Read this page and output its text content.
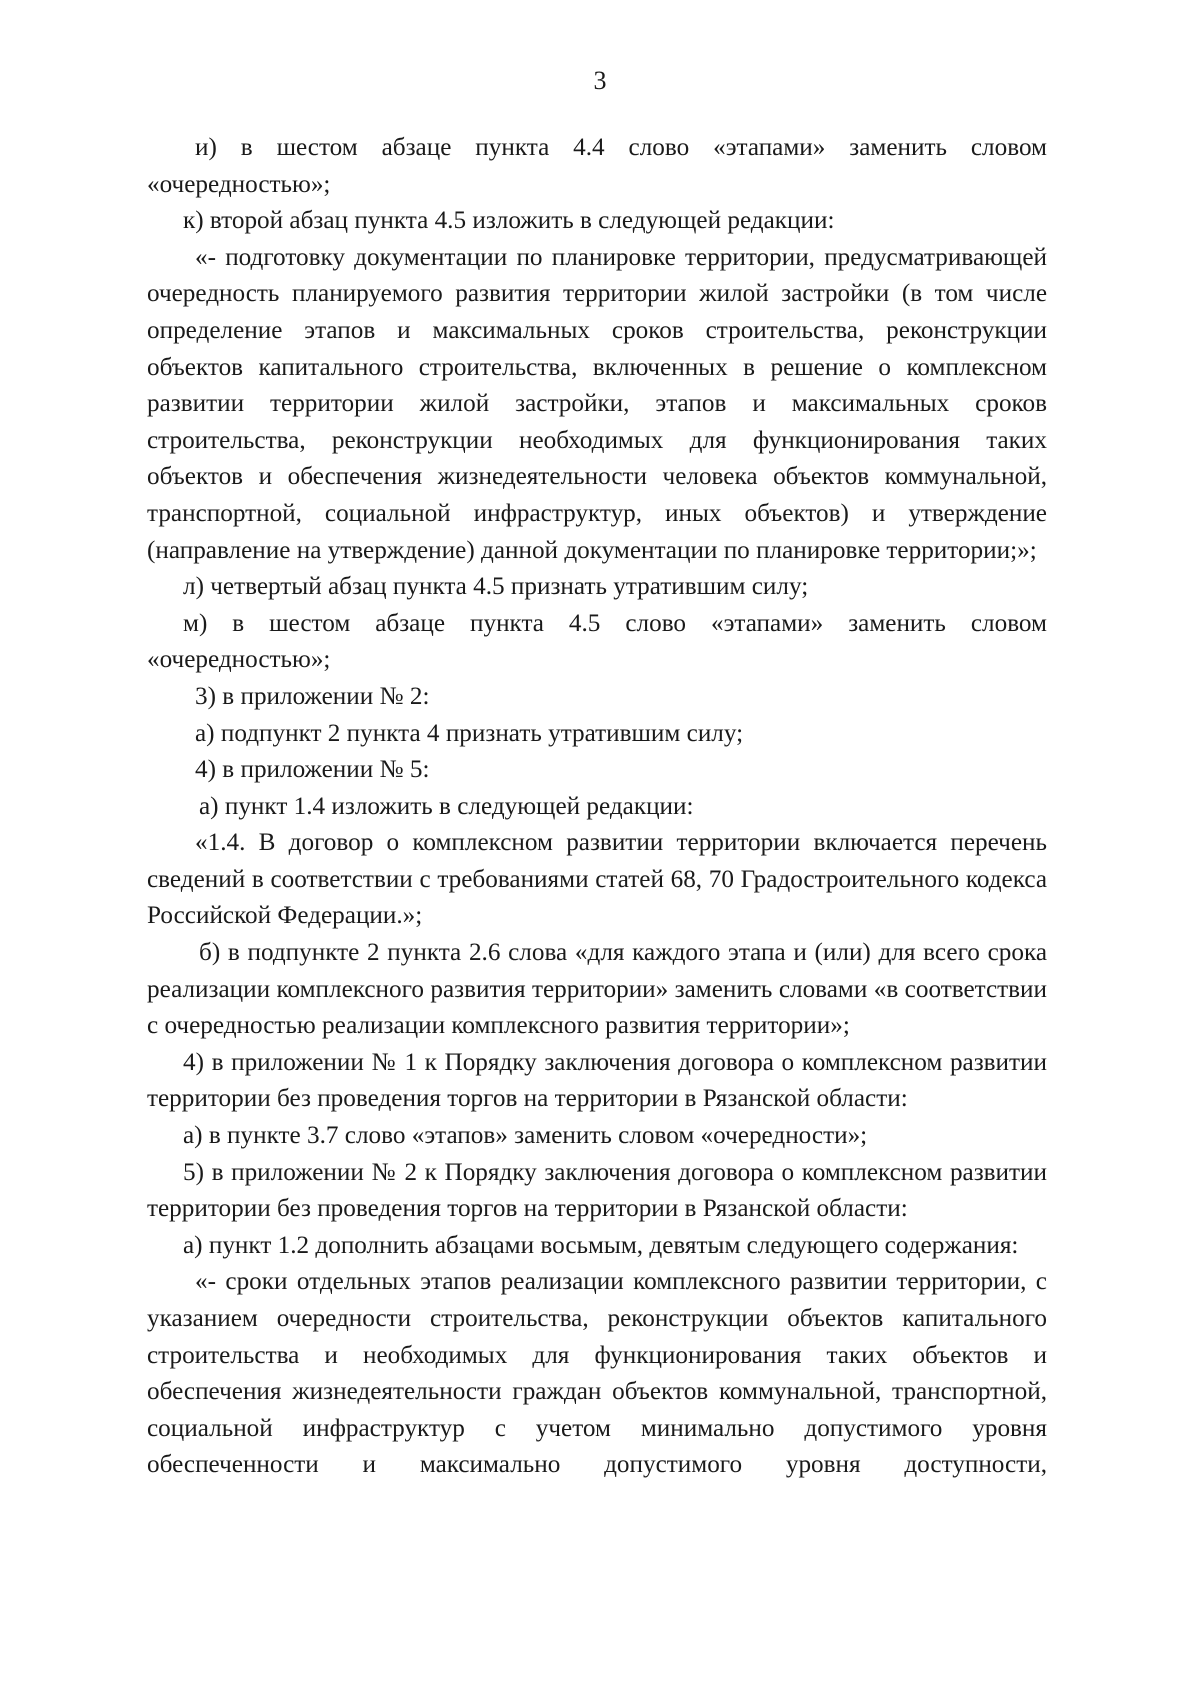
3

и) в шестом абзаце пункта 4.4 слово «этапами» заменить словом «очередностью»;

к) второй абзац пункта 4.5 изложить в следующей редакции:

«- подготовку документации по планировке территории, предусматривающей очередность планируемого развития территории жилой застройки (в том числе определение этапов и максимальных сроков строительства, реконструкции объектов капитального строительства, включенных в решение о комплексном развитии территории жилой застройки, этапов и максимальных сроков строительства, реконструкции необходимых для функционирования таких объектов и обеспечения жизнедеятельности человека объектов коммунальной, транспортной, социальной инфраструктур, иных объектов) и утверждение (направление на утверждение) данной документации по планировке территории;»;

л) четвертый абзац пункта 4.5 признать утратившим силу;

м) в шестом абзаце пункта 4.5 слово «этапами» заменить словом «очередностью»;

3) в приложении № 2:

а) подпункт 2 пункта 4 признать утратившим силу;

4) в приложении № 5:

а) пункт 1.4 изложить в следующей редакции:

«1.4. В договор о комплексном развитии территории включается перечень сведений в соответствии с требованиями статей 68, 70 Градостроительного кодекса Российской Федерации.»;

б) в подпункте 2 пункта 2.6 слова «для каждого этапа и (или) для всего срока реализации комплексного развития территории» заменить словами «в соответствии с очередностью реализации комплексного развития территории»;

4) в приложении № 1 к Порядку заключения договора о комплексном развитии территории без проведения торгов на территории в Рязанской области:

а) в пункте 3.7 слово «этапов» заменить словом «очередности»;

5) в приложении № 2 к Порядку заключения договора о комплексном развитии территории без проведения торгов на территории в Рязанской области:

а) пункт 1.2 дополнить абзацами восьмым, девятым следующего содержания:

«- сроки отдельных этапов реализации комплексного развитии территории, с указанием очередности строительства, реконструкции объектов капитального строительства и необходимых для функционирования таких объектов и обеспечения жизнедеятельности граждан объектов коммунальной, транспортной, социальной инфраструктур с учетом минимально допустимого уровня обеспеченности и максимально допустимого уровня доступности,
